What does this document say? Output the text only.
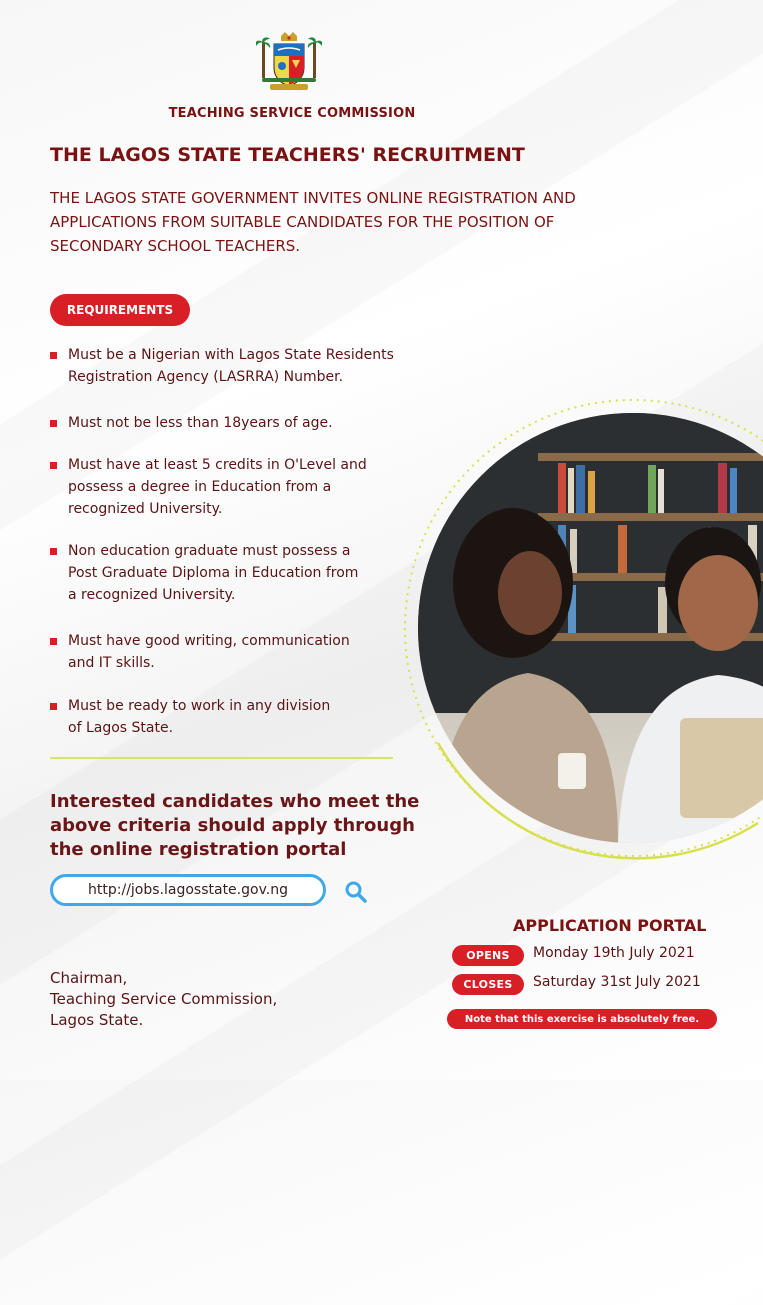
TEACHING SERVICE COMMISSION
THE LAGOS STATE TEACHERS' RECRUITMENT
THE LAGOS STATE GOVERNMENT INVITES ONLINE REGISTRATION AND
APPLICATIONS FROM SUITABLE CANDIDATES FOR THE POSITION OF
SECONDARY SCHOOL TEACHERS.
REQUIREMENTS
Must be a Nigerian with Lagos State Residents
Registration Agency (LASRRA) Number.
Must not be less than 18years of age.
Must have at least 5 credits in O'Level and
possess a degree in Education from a
recognized University.
Non education graduate must possess a
Post Graduate Diploma in Education from
a recognized University.
Must have good writing, communication
and IT skills.
Must be ready to work in any division
of Lagos State.
Interested candidates who meet the
above criteria should apply through
the online registration portal
http://jobs.lagosstate.gov.ng
APPLICATION PORTAL
OPENS	Monday 19th July 2021
CLOSES	Saturday 31st July 2021
Note that this exercise is absolutely free.
Chairman,
Teaching Service Commission,
Lagos State.
